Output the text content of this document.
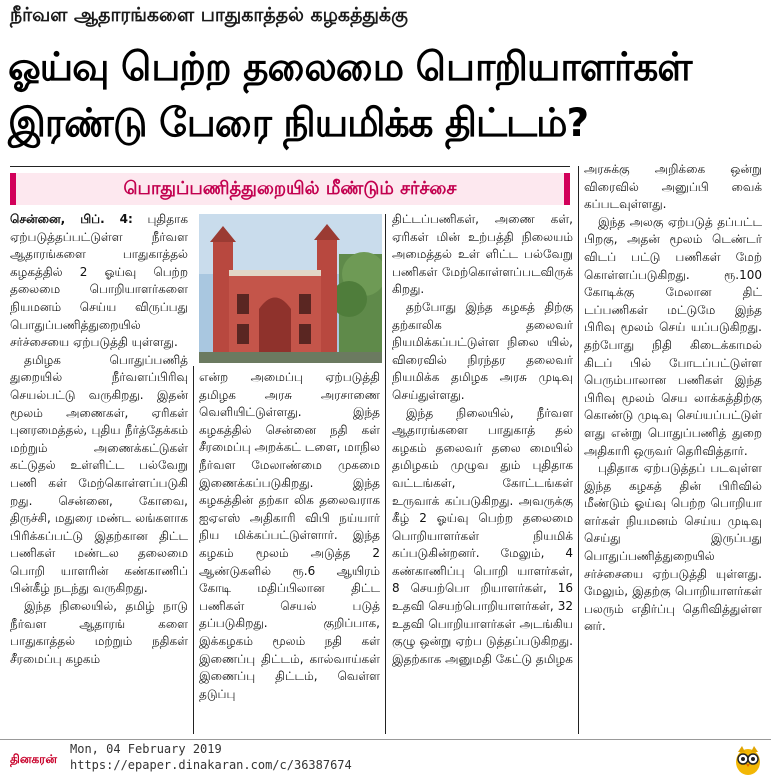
நீர்வள ஆதாரங்களை பாதுகாத்தல் கழகத்துக்கு
ஓய்வு பெற்ற தலைமை பொறியாளர்கள்
இரண்டு பேரை நியமிக்க திட்டம்?
பொதுப்பணித்துறையில் மீண்டும் சர்ச்சை

சென்னை, பிப். 4: புதிதாக ஏற்படுத்தப்பட்டுள்ள நீர்வள ஆதாரங்களை பாதுகாத்தல் கழகத்தில் 2 ஓய்வு பெற்ற தலைமை பொறியாளர்களை நியமனம் செய்ய விருப்பது பொதுப்பணித்துறையில் சர்ச்சையை ஏற்படுத்தி யுள்ளது.

தமிழக பொதுப்பணித் துறையில் நீர்வளப்பிரிவு செயல்பட்டு வருகிறது. இதன் மூலம் அணைகள், ஏரிகள் புனரமைத்தல், புதிய நீர்த்தேக்கம் மற்றும் அணைக்கட்டுகள் கட்டுதல் உள்ளிட்ட பல்வேறு பணி கள் மேற்கொள்ளப்படுகி றது. சென்னை, கோவை, திருச்சி, மதுரை மண்ட லங்களாக பிரிக்கப்பட்டு இதற்கான திட்ட பணிகள் மண்டல தலைமை பொறி யாளரின் கண்காணிப் பின்கீழ் நடந்து வருகிறது.

இந்த நிலையில், தமிழ் நாடு நீர்வள ஆதாரங் களை பாதுகாத்தல் மற்றும் நதிகள் சீரமைப்பு கழகம்

என்ற அமைப்பு ஏற்படுத்தி தமிழக அரசு அரசாணை வெளியிட்டுள்ளது. இந்த கழகத்தில் சென்னை நதி கள் சீரமைப்பு அறக்கட் டளை, மாநில நீர்வள மேலாண்மை முகமை இணைக்கப்படுகிறது. இந்த கழகத்தின் தற்கா லிக தலைவராக ஐஏஎஸ் அதிகாரி விபி நய்யார் நிய மிக்கப்பட்டுள்ளார். இந்த கழகம் மூலம் அடுத்த 2 ஆண்டுகளில் ரூ.6 ஆயிரம் கோடி மதிப்பிலான திட்ட பணிகள் செயல் படுத் தப்படுகிறது. குறிப்பாக, இக்கழகம் மூலம் நதி கள் இணைப்பு திட்டம், கால்வாய்கள் இணைப்பு திட்டம், வெள்ள தடுப்பு

திட்டப்பணிகள், அணை கள், ஏரிகள் மின் உற்பத்தி நிலையம் அமைத்தல் உள் ளிட்ட பல்வேறு பணிகள் மேற்கொள்ளப்படவிருக் கிறது.

தற்போது இந்த கழகத் திற்கு தற்காலிக தலைவர் நியமிக்கப்பட்டுள்ள நிலை யில், விரைவில் நிரந்தர தலைவர் நியமிக்க தமிழக அரசு முடிவு செய்துள்ளது.

இந்த நிலையில், நீர்வள ஆதாரங்களை பாதுகாத் தல் கழகம் தலைவர் தலை மையில் தமிழகம் முழுவ தும் புதிதாக வட்டங்கள், கோட்டங்கள் உருவாக் கப்படுகிறது. அவருக்கு கீழ் 2 ஓய்வு பெற்ற தலைமை பொறியாளர்கள் நியமிக் கப்படுகின்றனர். மேலும், 4 கண்காணிப்பு பொறி யாளர்கள், 8 செயற்பொ றியாளர்கள், 16 உதவி செயற்பொறியாளர்கள், 32 உதவி பொறியாளர்கள் அடங்கிய குழு ஒன்று ஏற்ப டுத்தப்படுகிறது. இதற்காக அனுமதி கேட்டு தமிழக

அரசுக்கு அறிக்கை ஒன்று விரைவில் அனுப்பி வைக் கப்படவுள்ளது.

இந்த அலகு ஏற்படுத் தப்பட்ட பிறகு, அதன் மூலம் டெண்டர் விடப் பட்டு பணிகள் மேற் கொள்ளப்படுகிறது. ரூ.100 கோடிக்கு மேலான திட் டப்பணிகள் மட்டுமே இந்த பிரிவு மூலம் செய் யப்படுகிறது. தற்போது நிதி கிடைக்காமல் கிடப் பில் போடப்பட்டுள்ள பெரும்பாலான பணிகள் இந்த பிரிவு மூலம் செய லாக்கத்திற்கு கொண்டு முடிவு செய்யப்பட்டுள் ளது என்று பொதுப்பணித் துறை அதிகாரி ஒருவர் தெரிவித்தார்.

புதிதாக ஏற்படுத்தப் படவுள்ள இந்த கழகத் தின் பிரிவில் மீண்டும் ஓய்வு பெற்ற பொறியா ளர்கள் நியமனம் செய்ய முடிவு செய்து இருப்பது பொதுப்பணித்துறையில் சர்ச்சையை ஏற்படுத்தி யுள்ளது. மேலும், இதற்கு பொறியாளர்கள் பலரும் எதிர்ப்பு தெரிவித்துள்ள னர்.

தினகரன்
Mon, 04 February 2019
https://epaper.dinakaran.com/c/36387674
